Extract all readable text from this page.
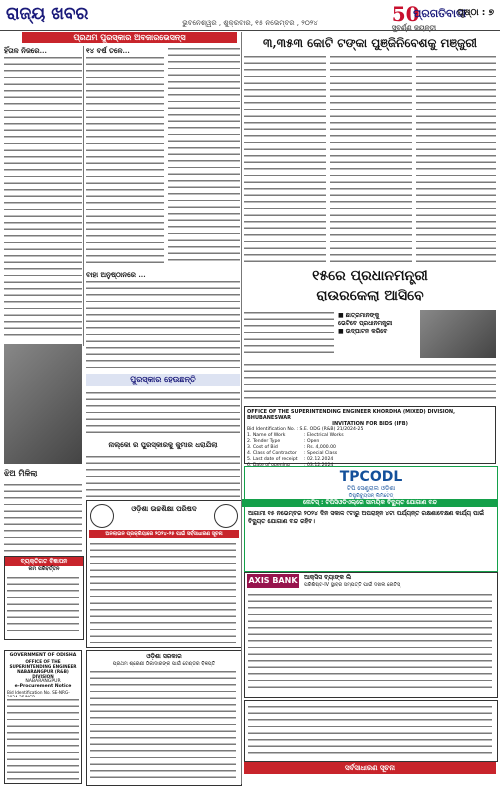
ରାଜ୍ୟ ଖବର	ଭୁବନେଶ୍ୱର , ଶୁକ୍ରବାର, ୧୫ ନଭେମ୍ବର , ୨୦୨୪	50
ସୁବର୍ଣ୍ଣ ଜୟନ୍ତୀ
ପ୍ରଗତିବାଦୀ
ପୃଷ୍ଠା : ୭
ପ୍ରଥମ ପୁରସ୍କାର ଅବଜାରଭେସନ୍ସ
ହିଁତାଳ ନିଜରେ...	୧୪ ବର୍ଷ ତଳେ...
ବାହା ଅନୁଷ୍ଠାନରେ ...
ପୁରସ୍କାର ହେଉଛନ୍ତି
ନାଲ୍କୋ ର ପୁରସ୍କାରକୁ କୁମାର ଧରାଯିଲା
ଝିଅ ମିଳିଲା
୩,୩୫୩ କୋଟି ଟଙ୍କା ପୁଞ୍ଜିନିବେଶକୁ ମଞ୍ଜୁରୀ
୧୫ରେ ପ୍ରଧାନମନ୍ତ୍ରୀ
ରାଉରକେଲା ଆସିବେ
■ ଛାତ୍ରମାନଙ୍କୁ
ଭେଟିବେ ପ୍ରଧାନମନ୍ତ୍ରୀ
■ ଉଦ୍‌ଘାଟନ କରିବେ
OFFICE OF THE SUPERINTENDING ENGINEER KHORDHA (MIXED) DIVISION, BHUBANESWAR
INVITATION FOR BIDS (IFB)
Bid Identification No. : S.E. ODG (R&B) 21/2024-25
1. Name of Work	: Electrical Works
2. Tender Type	: Open
3. Cost of Bid	: Rs. 4,000.00
4. Class of Contractor	: Special Class
5. Last date of receipt	: 02.12.2024
TPCODL
ଟିପି ସେଣ୍ଟ୍ରାଲ ଓଡ଼ିଶା
ଡିଷ୍ଟ୍ରିବ୍ୟୁସନ୍ ଲିମିଟେଡ୍
ନୋଟିସ୍ : ଟିପିସିଓଡିଏଲ୍‌ରେ ସାମୟିକ ବିଦ୍ୟୁତ ଯୋଗାଣ ବନ୍ଦ
ଆଗାମୀ ୧୫ ନଭେମ୍ବର ୨୦୨୪ ଦିନ ସକାଳ ୯ଟାରୁ ଅପରାହ୍ନ ୪ଟା ପର୍ଯ୍ୟନ୍ତ ରକ୍ଷଣାବେକ୍ଷଣ କାର୍ଯ୍ୟ ପାଇଁ ବିଦ୍ୟୁତ ଯୋଗାଣ ବନ୍ଦ ରହିବ।
AXIS BANK ଆକ୍ସିସ ବ୍ୟାଙ୍କ ଲି
ପରିଶିଷ୍ଟ-IV ସ୍ଥାବର ସମ୍ପତ୍ତି ପାଇଁ ଦଖଲ ନୋଟିସ୍
ଓଡ଼ିଶା ଉଚ୍ଚଶିକ୍ଷା ପରିଷଦ
ଅନଲାଇନ ପ୍ରକ୍ରିୟାରେ ୨୦୨୪-୨୫ ପାଇଁ ସର୍ବସାଧାରଣ ସୂଚନା
ବ୍ୟକ୍ତିଗତ ବିଜ୍ଞାପନ
ନାମ ପରିବର୍ତ୍ତନ
GOVERNMENT OF ODISHA
OFFICE OF THE SUPERINTENDING ENGINEER NABARANGPUR (R&B) DIVISION
NABARANGPUR
e-Procurement Notice
Bid Identification No. SE-NRG-
ଓଡ଼ିଶା ସରକାର
ପ୍ରଥମ ଶ୍ରେଣୀ ଠିକାଦାରଙ୍କ ପାଇଁ ଟେଣ୍ଡର ବିଜ୍ଞପ୍ତି
ସର୍ବସାଧାରଣ ସୂଚନା
